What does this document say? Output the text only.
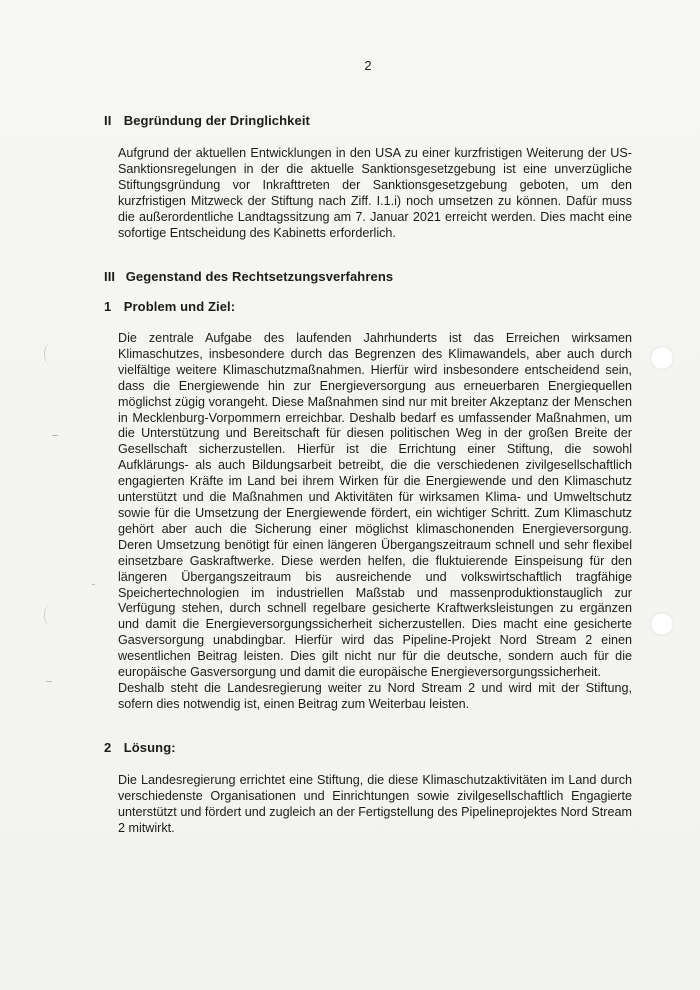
2
II Begründung der Dringlichkeit

Aufgrund der aktuellen Entwicklungen in den USA zu einer kurzfristigen Weiterung der US-Sanktionsregelungen in der die aktuelle Sanktionsgesetzgebung ist eine unverzügliche Stiftungsgründung vor Inkrafttreten der Sanktionsgesetzgebung geboten, um den kurzfristigen Mitzweck der Stiftung nach Ziff. I.1.i) noch umsetzen zu können. Dafür muss die außerordentliche Landtagssitzung am 7. Januar 2021 erreicht werden. Dies macht eine sofortige Entscheidung des Kabinetts erforderlich.

III Gegenstand des Rechtsetzungsverfahrens
1 Problem und Ziel:

Die zentrale Aufgabe des laufenden Jahrhunderts ist das Erreichen wirksamen Klimaschutzes, insbesondere durch das Begrenzen des Klimawandels, aber auch durch vielfältige weitere Klimaschutzmaßnahmen. Hierfür wird insbesondere entscheidend sein, dass die Energiewende hin zur Energieversorgung aus erneuerbaren Energiequellen möglichst zügig vorangeht. Diese Maßnahmen sind nur mit breiter Akzeptanz der Menschen in Mecklenburg-Vorpommern erreichbar. Deshalb bedarf es umfassender Maßnahmen, um die Unterstützung und Bereitschaft für diesen politischen Weg in der großen Breite der Gesellschaft sicherzustellen. Hierfür ist die Errichtung einer Stiftung, die sowohl Aufklärungs- als auch Bildungsarbeit betreibt, die die verschiedenen zivilgesellschaftlich engagierten Kräfte im Land bei ihrem Wirken für die Energiewende und den Klimaschutz unterstützt und die Maßnahmen und Aktivitäten für wirksamen Klima- und Umweltschutz sowie für die Umsetzung der Energiewende fördert, ein wichtiger Schritt. Zum Klimaschutz gehört aber auch die Sicherung einer möglichst klimaschonenden Energieversorgung. Deren Umsetzung benötigt für einen längeren Übergangszeitraum schnell und sehr flexibel einsetzbare Gaskraftwerke. Diese werden helfen, die fluktuierende Einspeisung für den längeren Übergangszeitraum bis ausreichende und volkswirtschaftlich tragfähige Speichertechnologien im industriellen Maßstab und massenproduktionstauglich zur Verfügung stehen, durch schnell regelbare gesicherte Kraftwerksleistungen zu ergänzen und damit die Energieversorgungssicherheit sicherzustellen. Dies macht eine gesicherte Gasversorgung unabdingbar. Hierfür wird das Pipeline-Projekt Nord Stream 2 einen wesentlichen Beitrag leisten. Dies gilt nicht nur für die deutsche, sondern auch für die europäische Gasversorgung und damit die europäische Energieversorgungssicherheit.

Deshalb steht die Landesregierung weiter zu Nord Stream 2 und wird mit der Stiftung, sofern dies notwendig ist, einen Beitrag zum Weiterbau leisten.

2 Lösung:

Die Landesregierung errichtet eine Stiftung, die diese Klimaschutzaktivitäten im Land durch verschiedenste Organisationen und Einrichtungen sowie zivilgesellschaftlich Engagierte unterstützt und fördert und zugleich an der Fertigstellung des Pipelineprojektes Nord Stream 2 mitwirkt.
